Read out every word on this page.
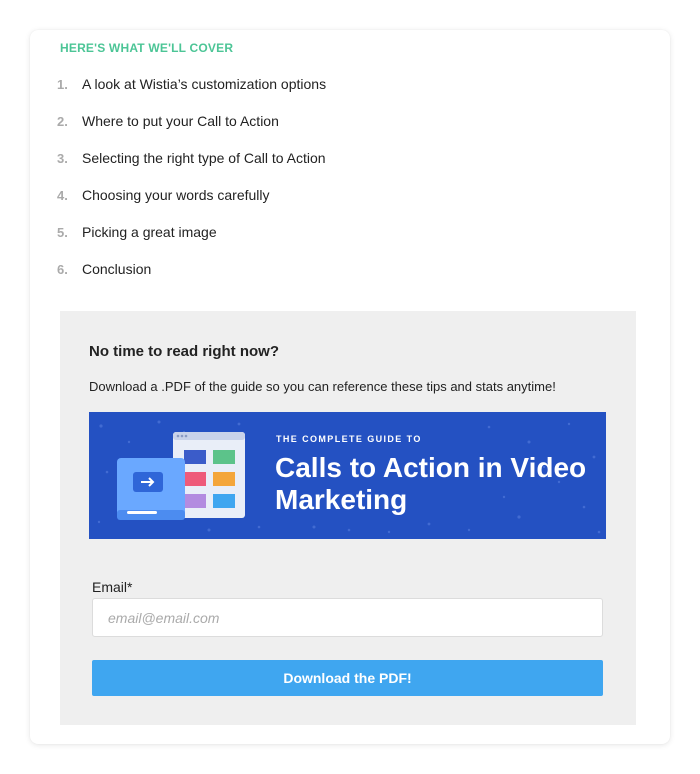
HERE'S WHAT WE'LL COVER
1.	A look at Wistia’s customization options
2.	Where to put your Call to Action
3.	Selecting the right type of Call to Action
4.	Choosing your words carefully
5.	Picking a great image
6.	Conclusion
No time to read right now?
Download a .PDF of the guide so you can reference these tips and stats anytime!
THE COMPLETE GUIDE TO
Calls to Action in Video Marketing
Email*
email@email.com
Download the PDF!
